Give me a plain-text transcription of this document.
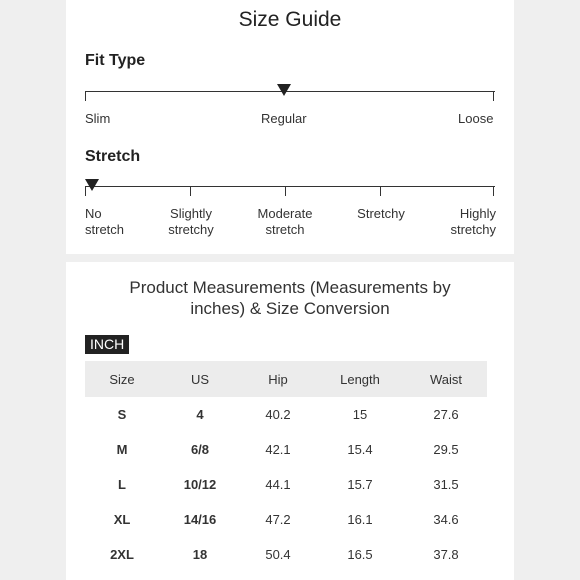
Size Guide
Fit Type
Slim	Regular	Loose
Stretch
No
stretch
Slightly
stretchy
Moderate
stretch
Stretchy	Highly
stretchy
Product Measurements (Measurements by
inches) & Size Conversion
INCH
Size	US	Hip	Length	Waist
S	4	40.2	15	27.6
M	6/8	42.1	15.4	29.5
L	10/12	44.1	15.7	31.5
XL	14/16	47.2	16.1	34.6
2XL	18	50.4	16.5	37.8
